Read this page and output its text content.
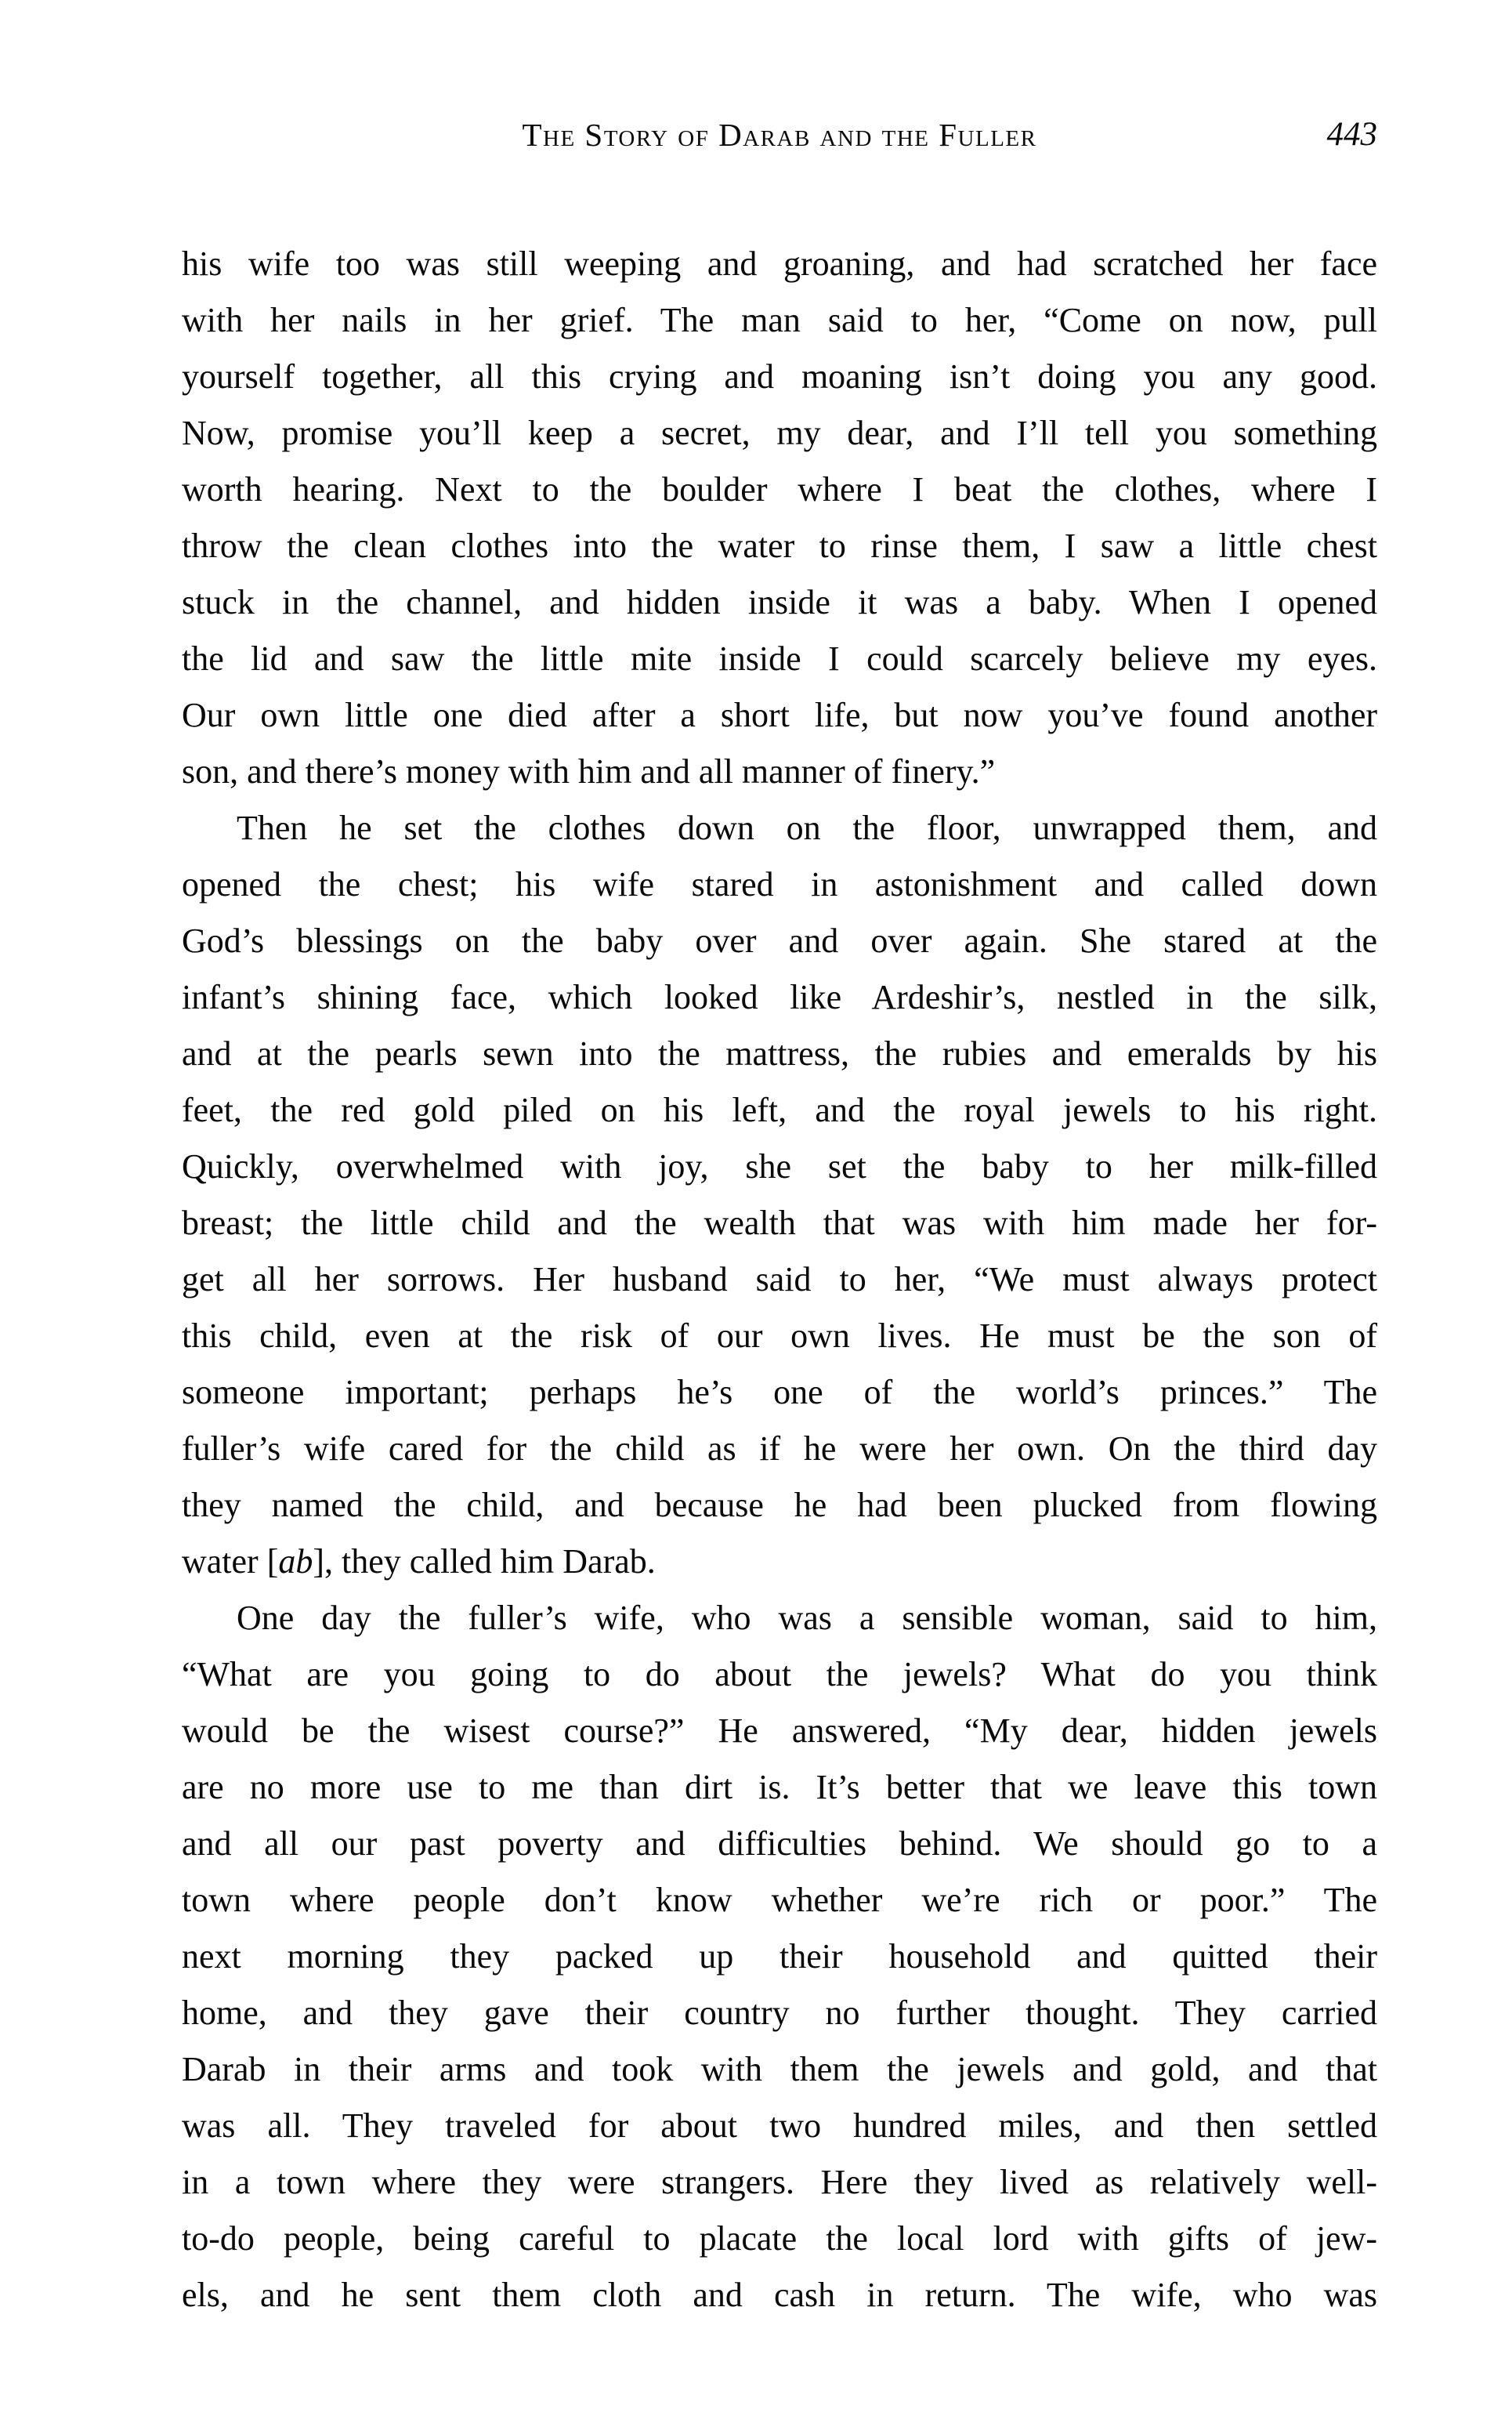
The Story of Darab and the Fuller	443
his wife too was still weeping and groaning, and had scratched her face
with her nails in her grief. The man said to her, “Come on now, pull
yourself together, all this crying and moaning isn’t doing you any good.
Now, promise you’ll keep a secret, my dear, and I’ll tell you something
worth hearing. Next to the boulder where I beat the clothes, where I
throw the clean clothes into the water to rinse them, I saw a little chest
stuck in the channel, and hidden inside it was a baby. When I opened
the lid and saw the little mite inside I could scarcely believe my eyes.
Our own little one died after a short life, but now you’ve found another
son, and there’s money with him and all manner of finery.”
Then he set the clothes down on the floor, unwrapped them, and
opened the chest; his wife stared in astonishment and called down
God’s blessings on the baby over and over again. She stared at the
infant’s shining face, which looked like Ardeshir’s, nestled in the silk,
and at the pearls sewn into the mattress, the rubies and emeralds by his
feet, the red gold piled on his left, and the royal jewels to his right.
Quickly, overwhelmed with joy, she set the baby to her milk-filled
breast; the little child and the wealth that was with him made her for-
get all her sorrows. Her husband said to her, “We must always protect
this child, even at the risk of our own lives. He must be the son of
someone important; perhaps he’s one of the world’s princes.” The
fuller’s wife cared for the child as if he were her own. On the third day
they named the child, and because he had been plucked from flowing
water [ab], they called him Darab.
One day the fuller’s wife, who was a sensible woman, said to him,
“What are you going to do about the jewels? What do you think
would be the wisest course?” He answered, “My dear, hidden jewels
are no more use to me than dirt is. It’s better that we leave this town
and all our past poverty and difficulties behind. We should go to a
town where people don’t know whether we’re rich or poor.” The
next morning they packed up their household and quitted their
home, and they gave their country no further thought. They carried
Darab in their arms and took with them the jewels and gold, and that
was all. They traveled for about two hundred miles, and then settled
in a town where they were strangers. Here they lived as relatively well-
to-do people, being careful to placate the local lord with gifts of jew-
els, and he sent them cloth and cash in return. The wife, who was
